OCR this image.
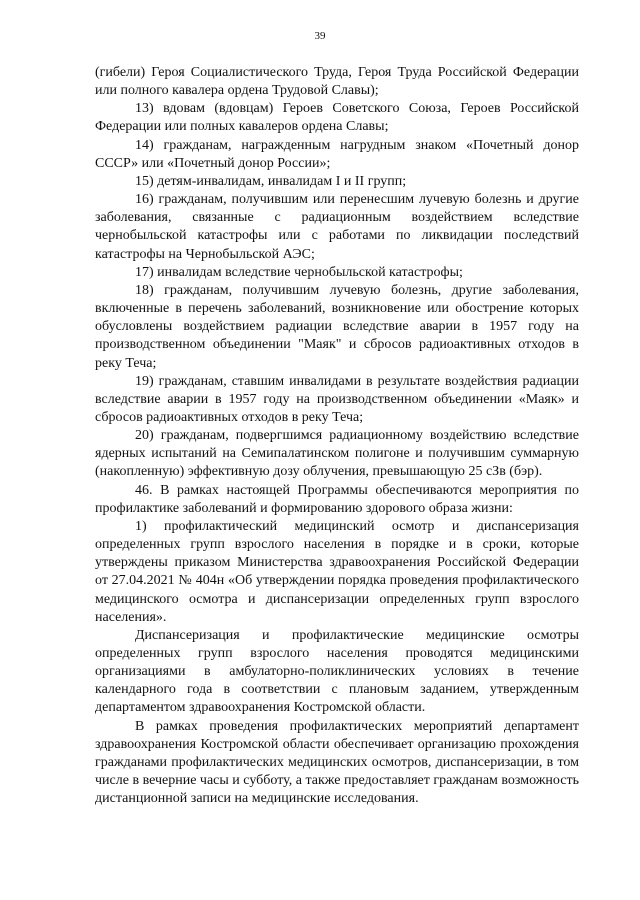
39

(гибели) Героя Социалистического Труда, Героя Труда Российской Федерации или полного кавалера ордена Трудовой Славы);

13) вдовам (вдовцам) Героев Советского Союза, Героев Российской Федерации или полных кавалеров ордена Славы;

14) гражданам, награжденным нагрудным знаком «Почетный донор СССР» или «Почетный донор России»;

15) детям-инвалидам, инвалидам I и II групп;

16) гражданам, получившим или перенесшим лучевую болезнь и другие заболевания, связанные с радиационным воздействием вследствие чернобыльской катастрофы или с работами по ликвидации последствий катастрофы на Чернобыльской АЭС;

17) инвалидам вследствие чернобыльской катастрофы;

18) гражданам, получившим лучевую болезнь, другие заболевания, включенные в перечень заболеваний, возникновение или обострение которых обусловлены воздействием радиации вследствие аварии в 1957 году на производственном объединении "Маяк" и сбросов радиоактивных отходов в реку Теча;

19) гражданам, ставшим инвалидами в результате воздействия радиации вследствие аварии в 1957 году на производственном объединении «Маяк» и сбросов радиоактивных отходов в реку Теча;

20) гражданам, подвергшимся радиационному воздействию вследствие ядерных испытаний на Семипалатинском полигоне и получившим суммарную (накопленную) эффективную дозу облучения, превышающую 25 сЗв (бэр).

46. В рамках настоящей Программы обеспечиваются мероприятия по профилактике заболеваний и формированию здорового образа жизни:

1) профилактический медицинский осмотр и диспансеризация определенных групп взрослого населения в порядке и в сроки, которые утверждены приказом Министерства здравоохранения Российской Федерации от 27.04.2021 № 404н «Об утверждении порядка проведения профилактического медицинского осмотра и диспансеризации определенных групп взрослого населения».

Диспансеризация и профилактические медицинские осмотры определенных групп взрослого населения проводятся медицинскими организациями в амбулаторно-поликлинических условиях в течение календарного года в соответствии с плановым заданием, утвержденным департаментом здравоохранения Костромской области.

В рамках проведения профилактических мероприятий департамент здравоохранения Костромской области обеспечивает организацию прохождения гражданами профилактических медицинских осмотров, диспансеризации, в том числе в вечерние часы и субботу, а также предоставляет гражданам возможность дистанционной записи на медицинские исследования.
